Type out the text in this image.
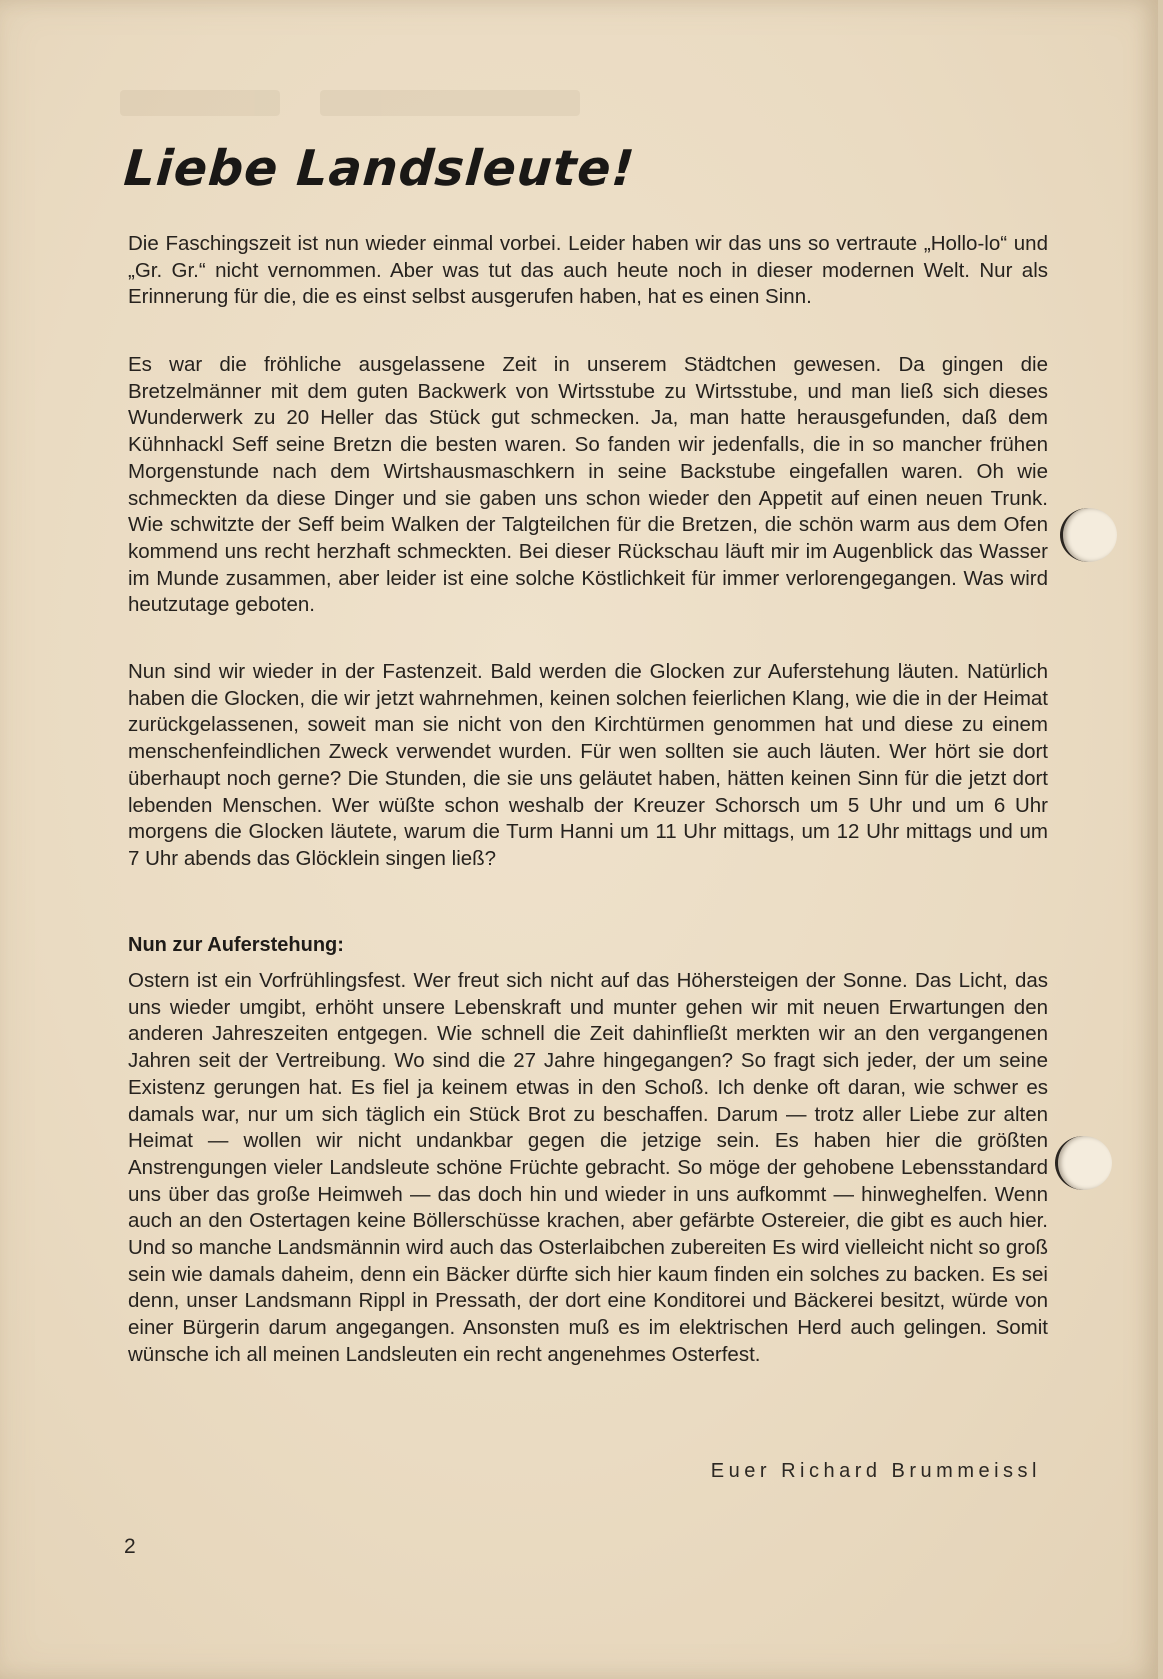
Liebe Landsleute!

Die Faschingszeit ist nun wieder einmal vorbei. Leider haben wir das uns so vertraute „Hollo-lo“ und „Gr. Gr.“ nicht vernommen. Aber was tut das auch heute noch in dieser modernen Welt. Nur als Erinnerung für die, die es einst selbst ausgerufen haben, hat es einen Sinn.

Es war die fröhliche ausgelassene Zeit in unserem Städtchen gewesen. Da gingen die Bretzelmänner mit dem guten Backwerk von Wirtsstube zu Wirtsstube, und man ließ sich dieses Wunderwerk zu 20 Heller das Stück gut schmecken. Ja, man hatte herausgefunden, daß dem Kühnhackl Seff seine Bretzn die besten waren. So fanden wir jedenfalls, die in so mancher frühen Morgenstunde nach dem Wirtshausmaschkern in seine Backstube eingefallen waren. Oh wie schmeckten da diese Dinger und sie gaben uns schon wieder den Appetit auf einen neuen Trunk. Wie schwitzte der Seff beim Walken der Talgteilchen für die Bretzen, die schön warm aus dem Ofen kommend uns recht herzhaft schmeckten. Bei dieser Rückschau läuft mir im Augenblick das Wasser im Munde zusammen, aber leider ist eine solche Köstlichkeit für immer verlorengegangen. Was wird heutzutage geboten.

Nun sind wir wieder in der Fastenzeit. Bald werden die Glocken zur Auferstehung läuten. Natürlich haben die Glocken, die wir jetzt wahrnehmen, keinen solchen feierlichen Klang, wie die in der Heimat zurückgelassenen, soweit man sie nicht von den Kirchtürmen genommen hat und diese zu einem menschenfeindlichen Zweck verwendet wurden. Für wen sollten sie auch läuten. Wer hört sie dort überhaupt noch gerne? Die Stunden, die sie uns geläutet haben, hätten keinen Sinn für die jetzt dort lebenden Menschen. Wer wüßte schon weshalb der Kreuzer Schorsch um 5 Uhr und um 6 Uhr morgens die Glocken läutete, warum die Turm Hanni um 11 Uhr mittags, um 12 Uhr mittags und um 7 Uhr abends das Glöcklein singen ließ?

Nun zur Auferstehung:

Ostern ist ein Vorfrühlingsfest. Wer freut sich nicht auf das Höhersteigen der Sonne. Das Licht, das uns wieder umgibt, erhöht unsere Lebenskraft und munter gehen wir mit neuen Erwartungen den anderen Jahreszeiten entgegen. Wie schnell die Zeit dahinfließt merkten wir an den vergangenen Jahren seit der Vertreibung. Wo sind die 27 Jahre hingegangen? So fragt sich jeder, der um seine Existenz gerungen hat. Es fiel ja keinem etwas in den Schoß. Ich denke oft daran, wie schwer es damals war, nur um sich täglich ein Stück Brot zu beschaffen. Darum — trotz aller Liebe zur alten Heimat — wollen wir nicht undankbar gegen die jetzige sein. Es haben hier die größten Anstrengungen vieler Landsleute schöne Früchte gebracht. So möge der gehobene Lebensstandard uns über das große Heimweh — das doch hin und wieder in uns aufkommt — hinweghelfen. Wenn auch an den Ostertagen keine Böllerschüsse krachen, aber gefärbte Ostereier, die gibt es auch hier. Und so manche Landsmännin wird auch das Osterlaibchen zubereiten Es wird vielleicht nicht so groß sein wie damals daheim, denn ein Bäcker dürfte sich hier kaum finden ein solches zu backen. Es sei denn, unser Landsmann Rippl in Pressath, der dort eine Konditorei und Bäckerei besitzt, würde von einer Bürgerin darum angegangen. Ansonsten muß es im elektrischen Herd auch gelingen. Somit wünsche ich all meinen Landsleuten ein recht angenehmes Osterfest.

Euer Richard Brummeissl
2
